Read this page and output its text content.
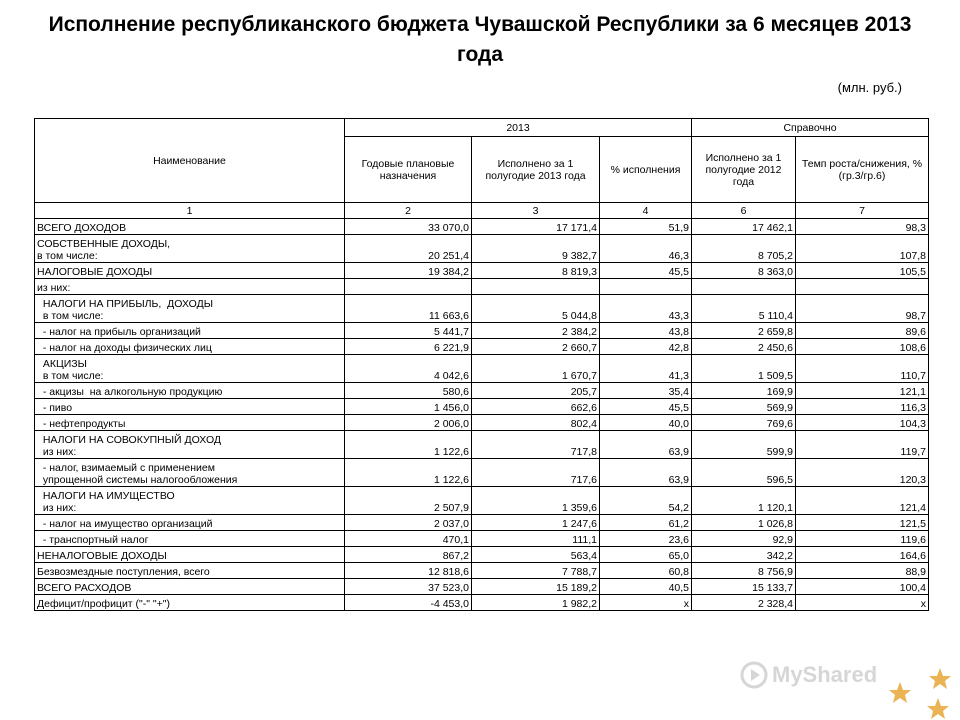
Исполнение республиканского бюджета Чувашской Республики за 6 месяцев 2013 года
(млн. руб.)
Наименование	2013			Справочно	
	Годовые плановые назначения	Исполнено за 1 полугодие 2013 года	% исполнения	Исполнено за 1 полугодие 2012 года	Темп роста/снижения, % (гр.3/гр.6)
1	2	3	4	6	7

ВСЕГО ДОХОДОВ	33 070,0	17 171,4	51,9	17 462,1	98,3

СОБСТВЕННЫЕ ДОХОДЫ,
в том числе:	20 251,4	9 382,7	46,3	8 705,2	107,8

НАЛОГОВЫЕ ДОХОДЫ	19 384,2	8 819,3	45,5	8 363,0	105,5

из них:					

НАЛОГИ НА ПРИБЫЛЬ,  ДОХОДЫ
в том числе:	11 663,6	5 044,8	43,3	5 110,4	98,7

- налог на прибыль организаций	5 441,7	2 384,2	43,8	2 659,8	89,6

- налог на доходы физических лиц	6 221,9	2 660,7	42,8	2 450,6	108,6

АКЦИЗЫ
в том числе:	4 042,6	1 670,7	41,3	1 509,5	110,7

- акцизы  на алкогольную продукцию	580,6	205,7	35,4	169,9	121,1

- пиво	1 456,0	662,6	45,5	569,9	116,3

- нефтепродукты	2 006,0	802,4	40,0	769,6	104,3

НАЛОГИ НА СОВОКУПНЫЙ ДОХОД
из них:	1 122,6	717,8	63,9	599,9	119,7

- налог, взимаемый с применением
упрощенной системы налогообложения	1 122,6	717,6	63,9	596,5	120,3

НАЛОГИ НА ИМУЩЕСТВО
из них:	2 507,9	1 359,6	54,2	1 120,1	121,4

- налог на имущество организаций	2 037,0	1 247,6	61,2	1 026,8	121,5

- транспортный налог	470,1	111,1	23,6	92,9	119,6

НЕНАЛОГОВЫЕ ДОХОДЫ	867,2	563,4	65,0	342,2	164,6

Безвозмездные поступления, всего	12 818,6	7 788,7	60,8	8 756,9	88,9

ВСЕГО РАСХОДОВ	37 523,0	15 189,2	40,5	15 133,7	100,4

Дефицит/профицит ("-" "+")	-4 453,0	1 982,2	x	2 328,4	x
MyShared
